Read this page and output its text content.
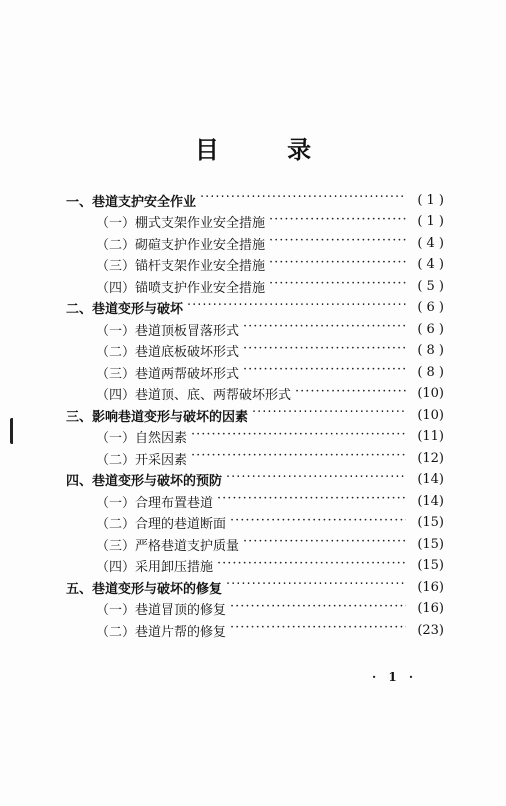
目 录
一、巷道支护安全作业 ·····	( 1 )
（一）棚式支架作业安全措施 ·····	( 1 )
（二）砌碹支护作业安全措施 ·····	( 4 )
（三）锚杆支架作业安全措施 ·····	( 4 )
（四）锚喷支护作业安全措施 ·····	( 5 )
二、巷道变形与破坏 ·····	( 6 )
（一）巷道顶板冒落形式 ·····	( 6 )
（二）巷道底板破坏形式 ·····	( 8 )
（三）巷道两帮破坏形式 ·····	( 8 )
（四）巷道顶、底、两帮破坏形式 ·····	(10)
三、影响巷道变形与破坏的因素 ·····	(10)
（一）自然因素 ·····	(11)
（二）开采因素 ·····	(12)
四、巷道变形与破坏的预防 ·····	(14)
（一）合理布置巷道 ·····	(14)
（二）合理的巷道断面 ·····	(15)
（三）严格巷道支护质量 ·····	(15)
（四）采用卸压措施 ·····	(15)
五、巷道变形与破坏的修复 ·····	(16)
（一）巷道冒顶的修复 ·····	(16)
（二）巷道片帮的修复 ·····	(23)
· 1 ·
